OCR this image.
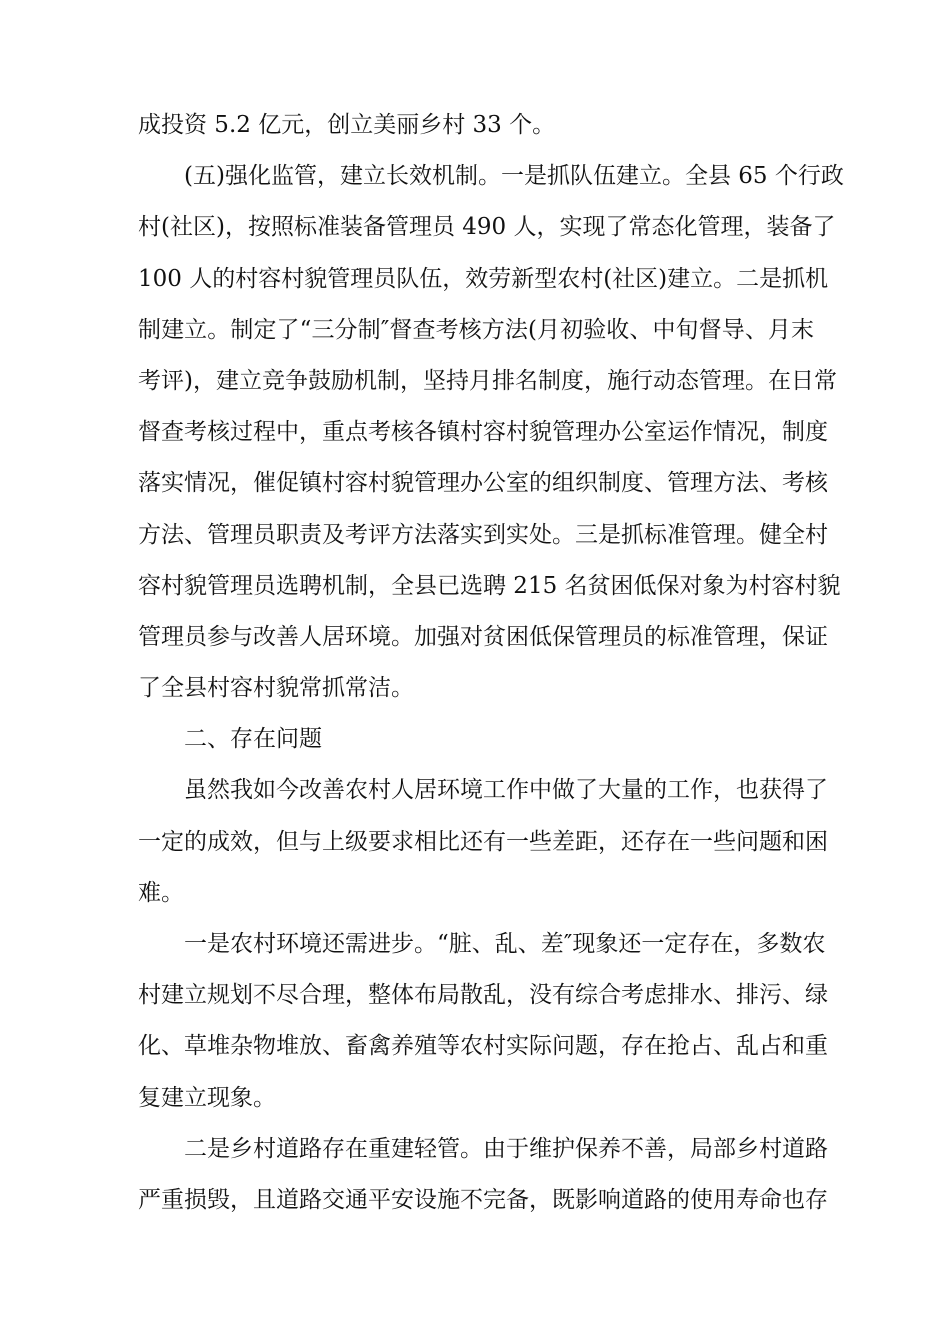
成投资 5.2 亿元，创立美丽乡村 33 个。
(五)强化监管，建立长效机制。一是抓队伍建立。全县 65 个行政
村(社区)，按照标准装备管理员 490 人，实现了常态化管理，装备了
100 人的村容村貌管理员队伍，效劳新型农村(社区)建立。二是抓机
制建立。制定了“三分制″督查考核方法(月初验收、中旬督导、月末
考评)，建立竞争鼓励机制，坚持月排名制度，施行动态管理。在日常
督查考核过程中，重点考核各镇村容村貌管理办公室运作情况，制度
落实情况，催促镇村容村貌管理办公室的组织制度、管理方法、考核
方法、管理员职责及考评方法落实到实处。三是抓标准管理。健全村
容村貌管理员选聘机制，全县已选聘 215 名贫困低保对象为村容村貌
管理员参与改善人居环境。加强对贫困低保管理员的标准管理，保证
了全县村容村貌常抓常洁。
二、存在问题
虽然我如今改善农村人居环境工作中做了大量的工作，也获得了
一定的成效，但与上级要求相比还有一些差距，还存在一些问题和困
难。
一是农村环境还需进步。“脏、乱、差″现象还一定存在，多数农
村建立规划不尽合理，整体布局散乱，没有综合考虑排水、排污、绿
化、草堆杂物堆放、畜禽养殖等农村实际问题，存在抢占、乱占和重
复建立现象。
二是乡村道路存在重建轻管。由于维护保养不善，局部乡村道路
严重损毁，且道路交通平安设施不完备，既影响道路的使用寿命也存
